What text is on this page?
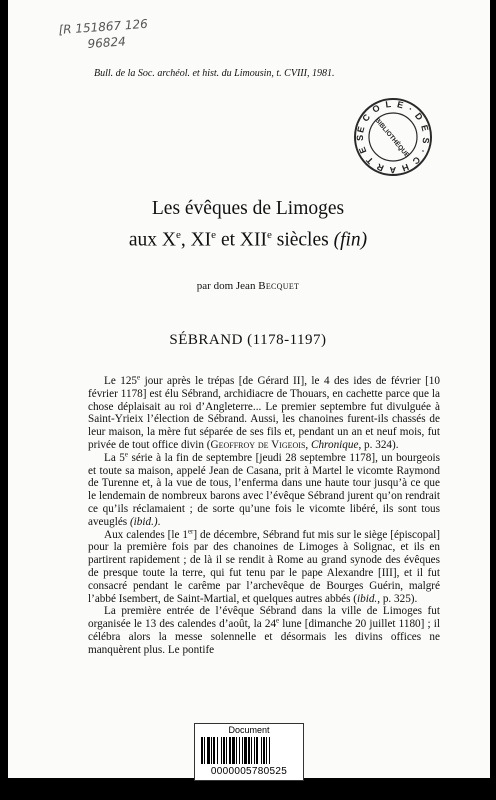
[R 151867 126
96824
Bull. de la Soc. archéol. et hist. du Limousin, t. CVIII, 1981.
É C O L E · D E S · C H A R T E S	BIBLIOTHÈQUE
Les évêques de Limoges
aux Xe, XIe et XIIe siècles (fin)
par dom Jean Becquet
SÉBRAND (1178-1197)

Le 125e jour après le trépas [de Gérard II], le 4 des ides de février [10 février 1178] est élu Sébrand, archidiacre de Thouars, en cachette parce que la chose déplaisait au roi d’Angleterre... Le premier septembre fut divulguée à Saint-Yrieix l’élection de Sébrand. Aussi, les chanoines furent-ils chassés de leur maison, la mère fut séparée de ses fils et, pendant un an et neuf mois, fut privée de tout office divin (Geoffroy de Vigeois, Chronique, p. 324).

La 5e série à la fin de septembre [jeudi 28 septembre 1178], un bourgeois et toute sa maison, appelé Jean de Casana, prit à Martel le vicomte Raymond de Turenne et, à la vue de tous, l’enferma dans une haute tour jusqu’à ce que le lendemain de nombreux barons avec l’évêque Sébrand jurent qu’on rendrait ce qu’ils réclamaient ; de sorte qu’une fois le vicomte libéré, ils sont tous aveuglés (ibid.).

Aux calendes [le 1er] de décembre, Sébrand fut mis sur le siège [épiscopal] pour la première fois par des chanoines de Limoges à Solignac, et ils en partirent rapidement ; de là il se rendit à Rome au grand synode des évêques de presque toute la terre, qui fut tenu par le pape Alexandre [III], et il fut consacré pendant le carême par l’archevêque de Bourges Guérin, malgré l’abbé Isembert, de Saint-Martial, et quelques autres abbés (ibid., p. 325).

La première entrée de l’évêque Sébrand dans la ville de Limoges fut organisée le 13 des calendes d’août, la 24e lune [dimanche 20 juillet 1180] ; il célébra alors la messe solennelle et désormais les divins offices ne manquèrent plus. Le pontife

Document
0000005780525
